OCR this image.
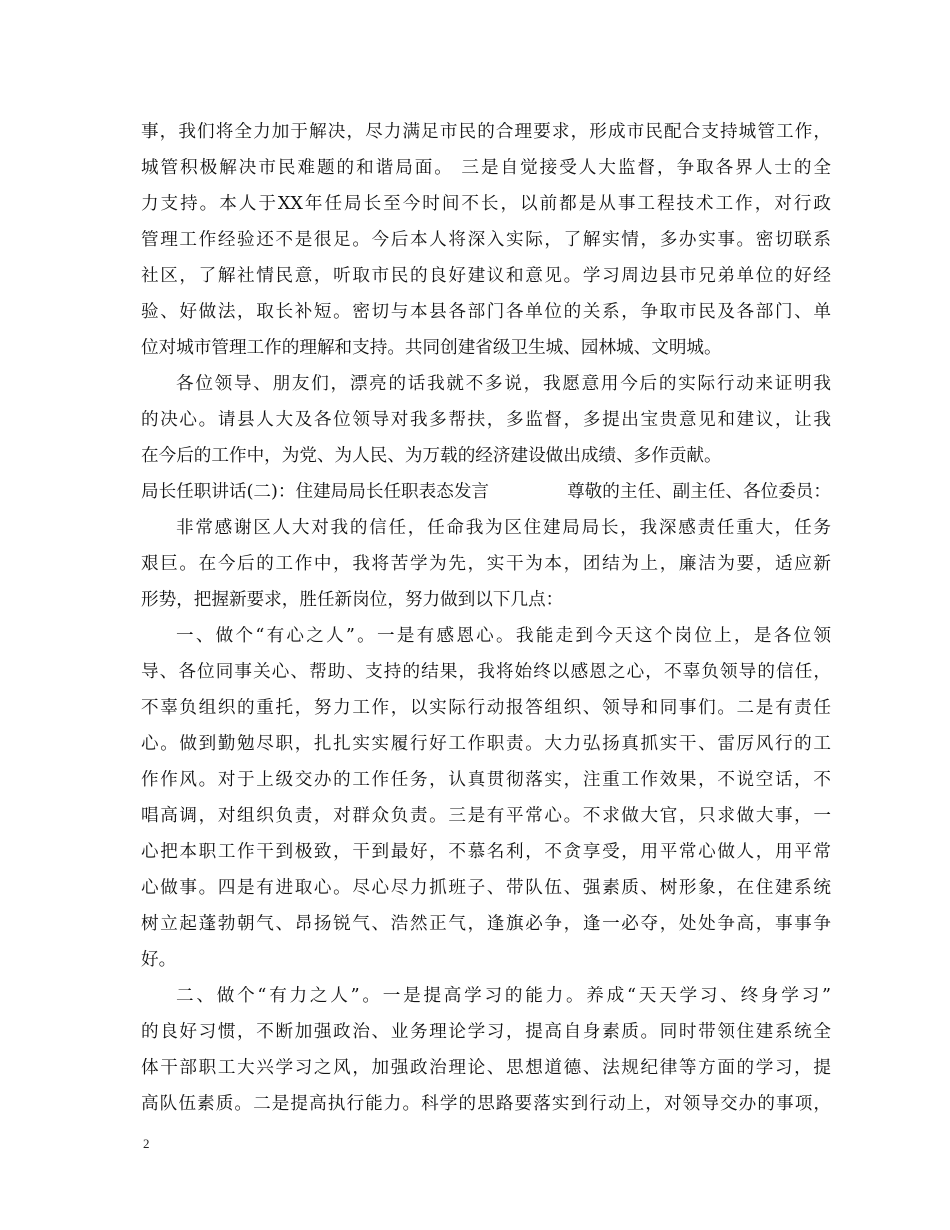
事，我们将全力加于解决，尽力满足市民的合理要求，形成市民配合支持城管工作，
城管积极解决市民难题的和谐局面。 三是自觉接受人大监督，争取各界人士的全
力支持。本人于XX年任局长至今时间不长，以前都是从事工程技术工作，对行政
管理工作经验还不是很足。今后本人将深入实际，了解实情，多办实事。密切联系
社区，了解社情民意，听取市民的良好建议和意见。学习周边县市兄弟单位的好经
验、好做法，取长补短。密切与本县各部门各单位的关系，争取市民及各部门、单
位对城市管理工作的理解和支持。共同创建省级卫生城、园林城、文明城。
各位领导、朋友们，漂亮的话我就不多说，我愿意用今后的实际行动来证明我
的决心。请县人大及各位领导对我多帮扶，多监督，多提出宝贵意见和建议，让我
在今后的工作中，为党、为人民、为万载的经济建设做出成绩、多作贡献。
局长任职讲话(二)：住建局局长任职表态发言	尊敬的主任、副主任、各位委员：
非常感谢区人大对我的信任，任命我为区住建局局长，我深感责任重大，任务
艰巨。在今后的工作中，我将苦学为先，实干为本，团结为上，廉洁为要，适应新
形势，把握新要求，胜任新岗位，努力做到以下几点：
一、做个“有心之人”。一是有感恩心。我能走到今天这个岗位上，是各位领
导、各位同事关心、帮助、支持的结果，我将始终以感恩之心，不辜负领导的信任，
不辜负组织的重托，努力工作，以实际行动报答组织、领导和同事们。二是有责任
心。做到勤勉尽职，扎扎实实履行好工作职责。大力弘扬真抓实干、雷厉风行的工
作作风。对于上级交办的工作任务，认真贯彻落实，注重工作效果，不说空话，不
唱高调，对组织负责，对群众负责。三是有平常心。不求做大官，只求做大事，一
心把本职工作干到极致，干到最好，不慕名利，不贪享受，用平常心做人，用平常
心做事。四是有进取心。尽心尽力抓班子、带队伍、强素质、树形象，在住建系统
树立起蓬勃朝气、昂扬锐气、浩然正气，逢旗必争，逢一必夺，处处争高，事事争
好。
二、做个“有力之人”。一是提高学习的能力。养成“天天学习、终身学习”
的良好习惯，不断加强政治、业务理论学习，提高自身素质。同时带领住建系统全
体干部职工大兴学习之风，加强政治理论、思想道德、法规纪律等方面的学习，提
高队伍素质。二是提高执行能力。科学的思路要落实到行动上，对领导交办的事项，
2
